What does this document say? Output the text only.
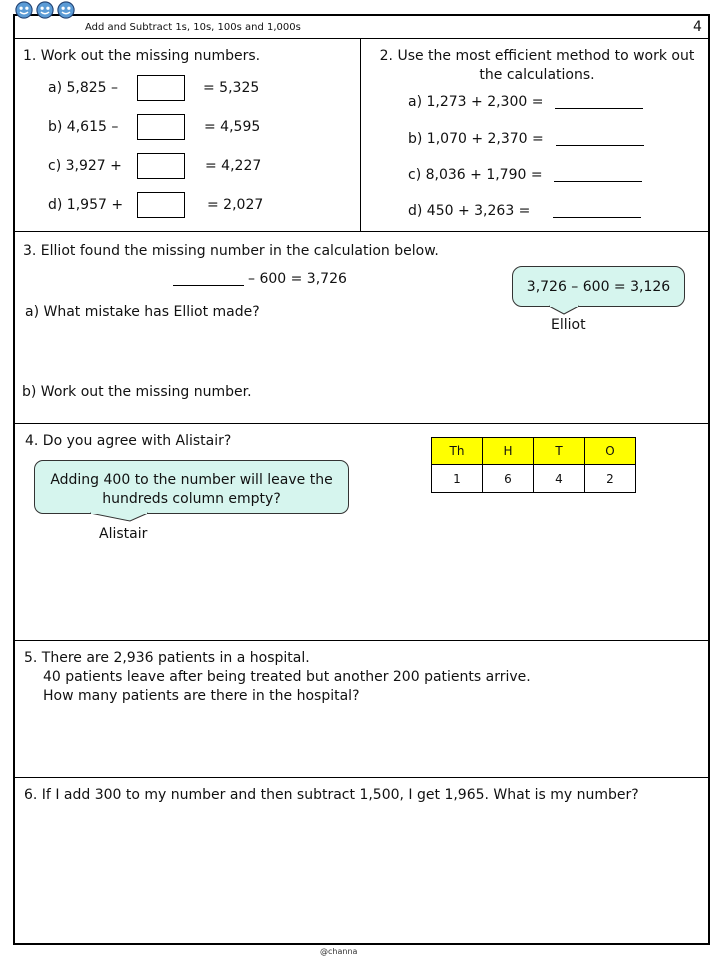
Add and Subtract 1s, 10s, 100s and 1,000s	4
1. Work out the missing numbers.
a) 5,825 –	= 5,325
b) 4,615 –	= 4,595
c) 3,927 +	= 4,227
d) 1,957 +	= 2,027
2. Use the most efficient method to work out
the calculations.
a) 1,273 + 2,300 =
b) 1,070 + 2,370 =
c) 8,036 + 1,790 =
d) 450 + 3,263 =
3. Elliot found the missing number in the calculation below.
– 600 = 3,726	3,726 – 600 = 3,126
Elliot
a) What mistake has Elliot made?
b) Work out the missing number.
4. Do you agree with Alistair?
Adding 400 to the number will leave the
hundreds column empty?
Alistair
Th	H	T	O
1	6	4	2
5. There are 2,936 patients in a hospital.
40 patients leave after being treated but another 200 patients arrive.
How many patients are there in the hospital?
6. If I add 300 to my number and then subtract 1,500, I get 1,965. What is my number?
@channa
